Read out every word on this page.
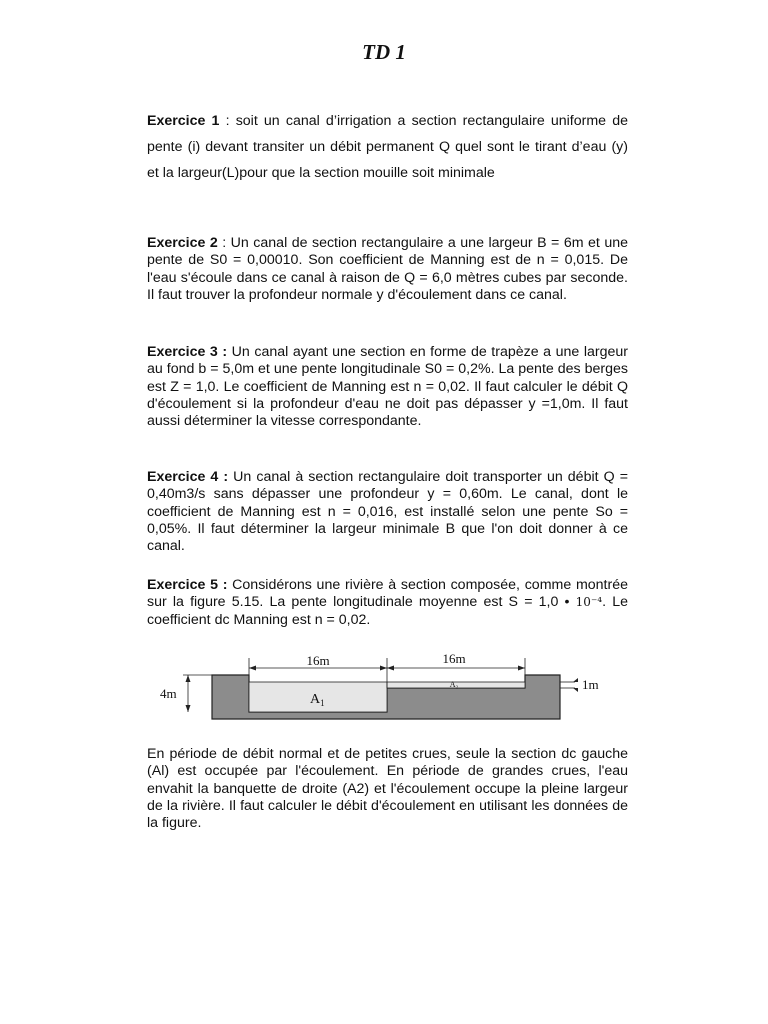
TD 1

Exercice 1 : soit un canal d’irrigation a section rectangulaire uniforme de pente (i) devant transiter un débit permanent Q quel sont le tirant d’eau (y) et la largeur(L)pour que la section mouille soit minimale

Exercice 2 : Un canal de section rectangulaire a une largeur B = 6m et une pente de S0 = 0,00010. Son coefficient de Manning est de n = 0,015. De l'eau s'écoule dans ce canal à raison de Q = 6,0 mètres cubes par seconde. Il faut trouver la profondeur normale y d'écoulement dans ce canal.

Exercice 3 : Un canal ayant une section en forme de trapèze a une largeur au fond b = 5,0m et une pente longitudinale S0 = 0,2%. La pente des berges est Z = 1,0. Le coefficient de Manning est n = 0,02. Il faut calculer le débit Q d'écoulement si la profondeur d'eau ne doit pas dépasser y =1,0m. Il faut aussi déterminer la vitesse correspondante.

Exercice 4 : Un canal à section rectangulaire doit transporter un débit Q = 0,40m3/s sans dépasser une profondeur y = 0,60m. Le canal, dont le coefficient de Manning est n = 0,016, est installé selon une pente So = 0,05%. Il faut déterminer la largeur minimale B que l'on doit donner à ce canal.

Exercice 5 : Considérons une rivière à section composée, comme montrée sur la figure 5.15. La pente longitudinale moyenne est S = 1,0 • 10⁻⁴. Le coefficient dc Manning est n = 0,02.

16m	16m
4m
1m
$A_1$
A₂

En période de débit normal et de petites crues, seule la section dc gauche (Al) est occupée par l'écoulement. En période de grandes crues, l'eau envahit la banquette de droite (A2) et l'écoulement occupe la pleine largeur de la rivière. Il faut calculer le débit d'écoulement en utilisant les données de la figure.
